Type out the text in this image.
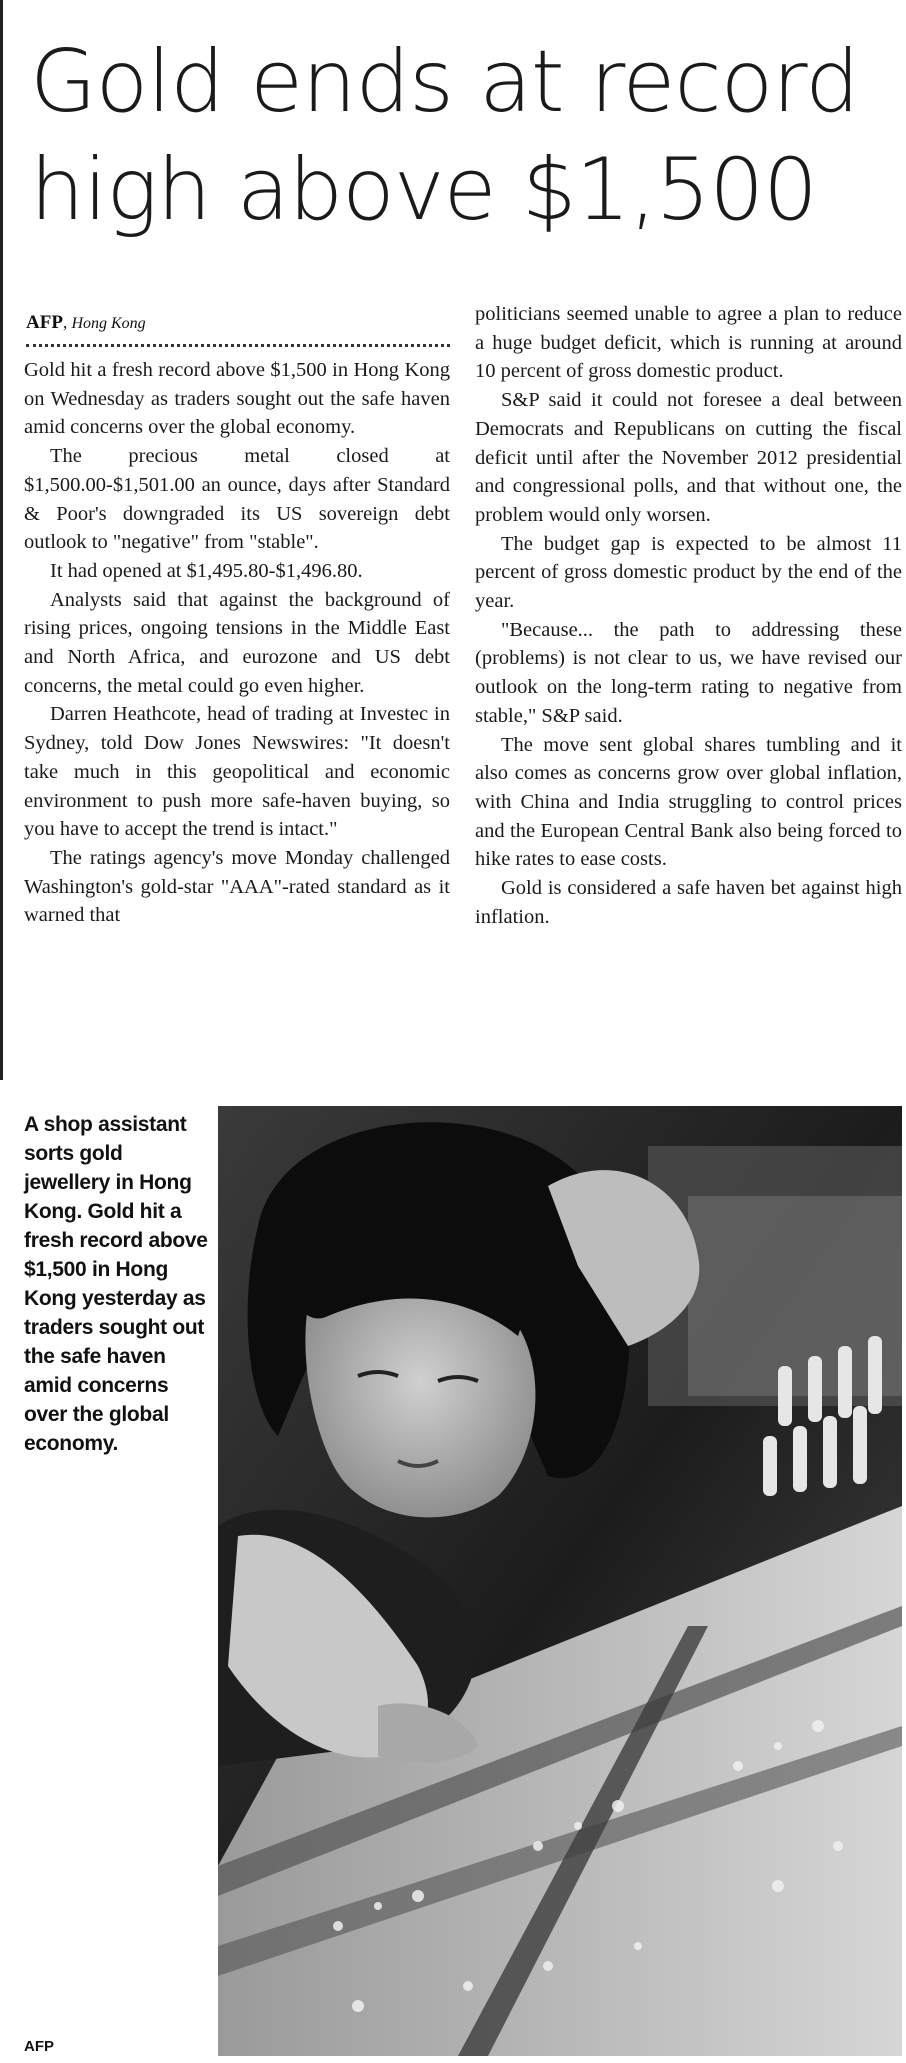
Gold ends at record
high above $1,500
AFP, Hong Kong

Gold hit a fresh record above $1,500 in Hong Kong on Wednesday as traders sought out the safe haven amid concerns over the global economy.

The precious metal closed at $1,500.00-$1,501.00 an ounce, days after Standard & Poor's downgraded its US sovereign debt outlook to "negative" from "stable".

It had opened at $1,495.80-$1,496.80.

Analysts said that against the background of rising prices, ongoing tensions in the Middle East and North Africa, and eurozone and US debt concerns, the metal could go even higher.

Darren Heathcote, head of trading at Investec in Sydney, told Dow Jones Newswires: "It doesn't take much in this geopolitical and economic environment to push more safe-haven buying, so you have to accept the trend is intact."

The ratings agency's move Monday challenged Washington's gold-star "AAA"-rated standard as it warned that

politicians seemed unable to agree a plan to reduce a huge budget deficit, which is running at around 10 percent of gross domestic product.

S&P said it could not foresee a deal between Democrats and Republicans on cutting the fiscal deficit until after the November 2012 presidential and congressional polls, and that without one, the problem would only worsen.

The budget gap is expected to be almost 11 percent of gross domestic product by the end of the year.

"Because... the path to addressing these (problems) is not clear to us, we have revised our outlook on the long-term rating to negative from stable," S&P said.

The move sent global shares tumbling and it also comes as concerns grow over global inflation, with China and India struggling to control prices and the European Central Bank also being forced to hike rates to ease costs.

Gold is considered a safe haven bet against high inflation.

A shop assistant sorts gold jewellery in Hong Kong. Gold hit a fresh record above $1,500 in Hong Kong yesterday as traders sought out the safe haven amid concerns over the global economy.
AFP
